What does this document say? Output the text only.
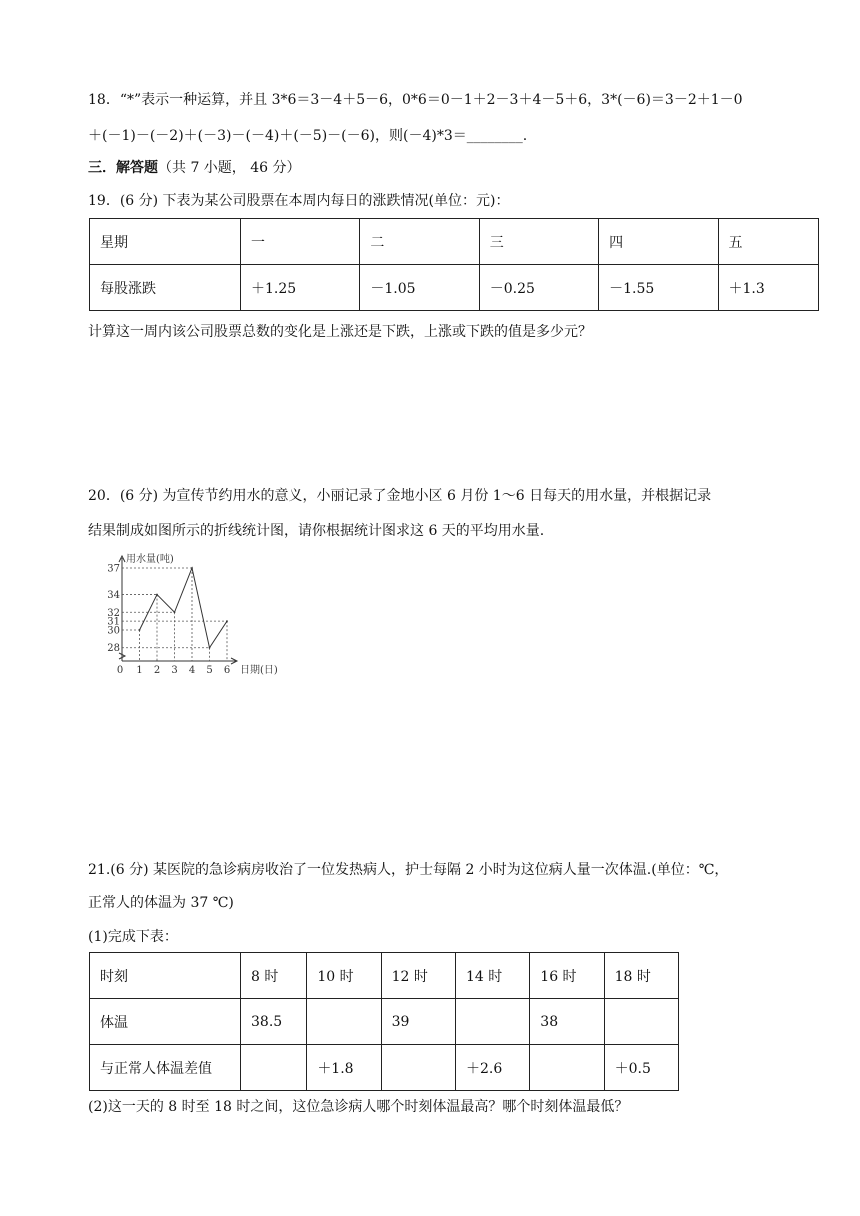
18．“*”表示一种运算，并且 3*6＝3－4＋5－6，0*6＝0－1＋2－3＋4－5＋6，3*(－6)＝3－2＋1－0
＋(－1)－(－2)＋(－3)－(－4)＋(－5)－(－6)，则(－4)*3＝________.
三．解答题（共 7 小题， 46 分）
19．(6 分) 下表为某公司股票在本周内每日的涨跌情况(单位：元)：
星期	一	二	三	四	五
每股涨跌	＋1.25	－1.05	－0.25	－1.55	＋1.3
计算这一周内该公司股票总数的变化是上涨还是下跌，上涨或下跌的值是多少元？
20．(6 分) 为宣传节约用水的意义，小丽记录了金地小区 6 月份 1～6 日每天的用水量，并根据记录
结果制成如图所示的折线统计图，请你根据统计图求这 6 天的平均用水量.
28
30
31
32
34
37
0 1 2 3 4 5 6
用水量(吨)
日期(日)
21.(6 分) 某医院的急诊病房收治了一位发热病人，护士每隔 2 小时为这位病人量一次体温.(单位：℃，
正常人的体温为 37 ℃)
(1)完成下表：
时刻	8 时	10 时	12 时	14 时	16 时	18 时
体温	38.5		39		38	
与正常人体温差值		＋1.8		＋2.6		＋0.5
(2)这一天的 8 时至 18 时之间，这位急诊病人哪个时刻体温最高？哪个时刻体温最低？
